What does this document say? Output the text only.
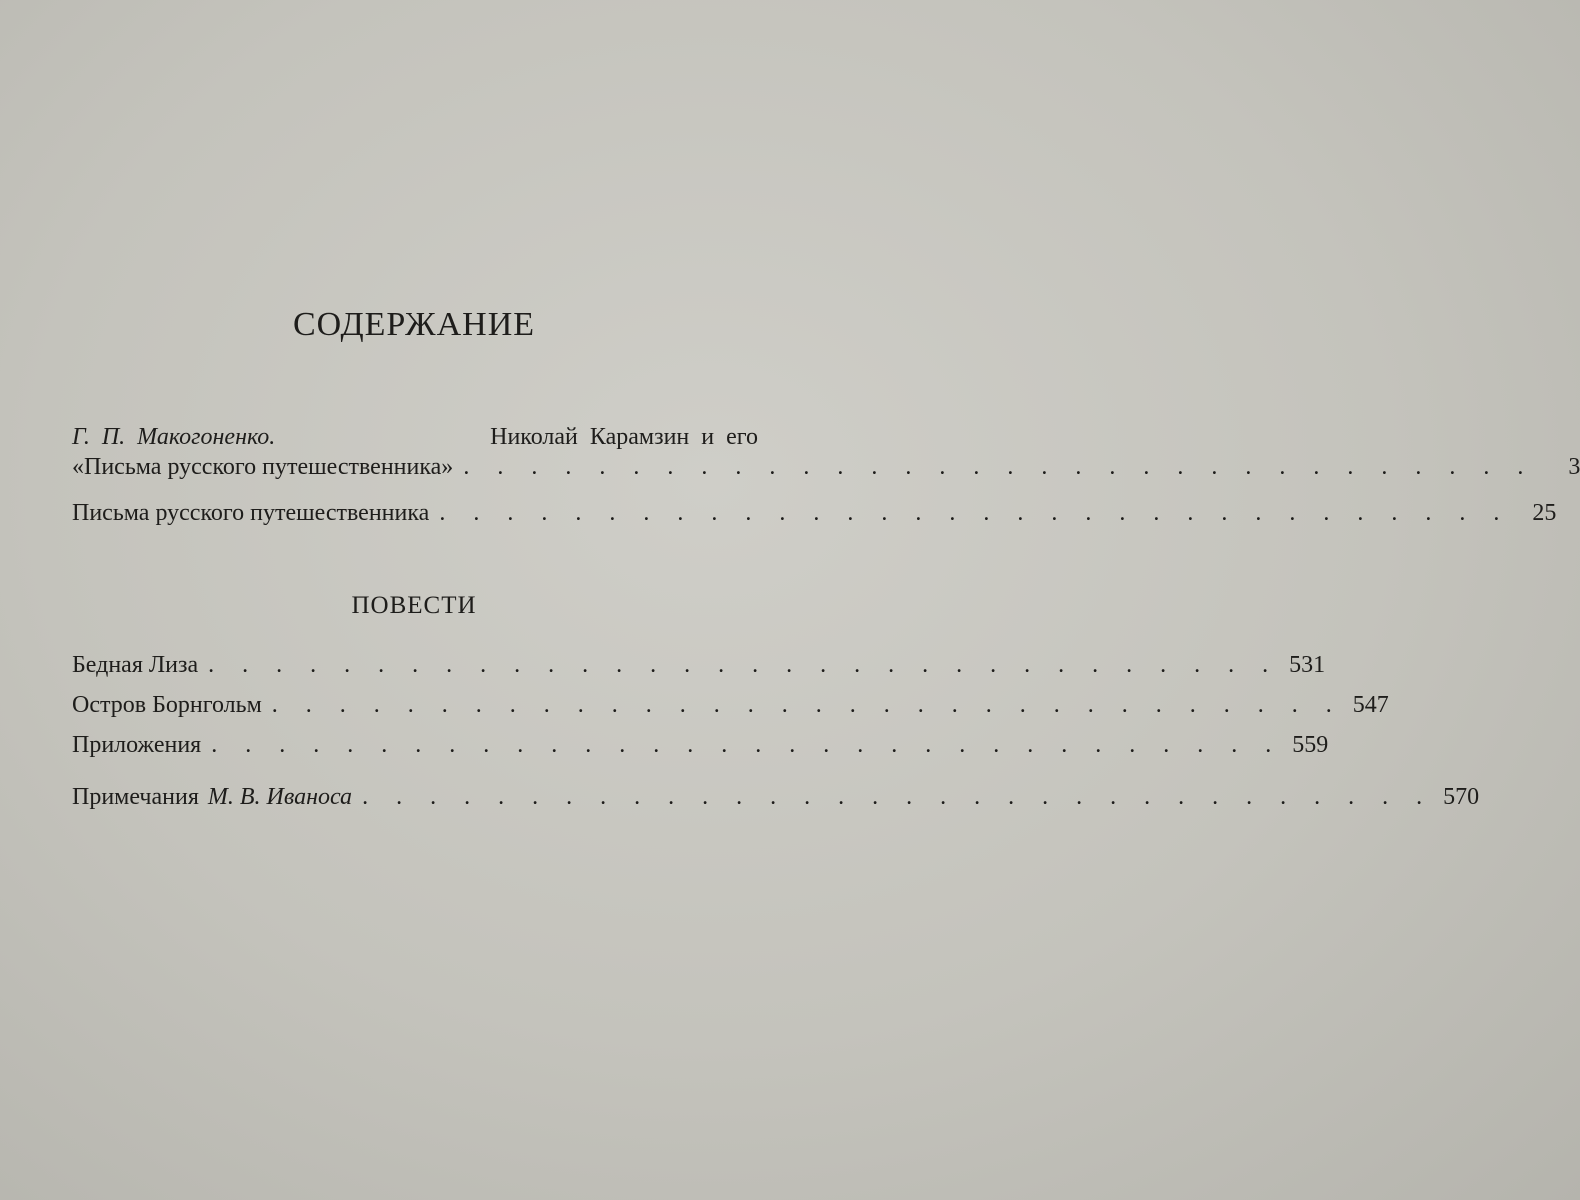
СОДЕРЖАНИЕ
Г. П. Макогоненко.	Николай Карамзин и его
«Письма русского путешественника» . . . . . . . . . . . . . . . . . . . . . . . . . . . . . . . .	3
Письма русского путешественника . . . . . . . . . . . . . . . . . . . . . . . . . . . . . . . . 25
ПОВЕСТИ
Бедная Лиза . . . . . . . . . . . . . . . . . . . . . . . . . . . . . . . . 531
Остров Борнгольм . . . . . . . . . . . . . . . . . . . . . . . . . . . . . . . . 547
Приложения . . . . . . . . . . . . . . . . . . . . . . . . . . . . . . . . 559
Примечания М. В. Иваноса . . . . . . . . . . . . . . . . . . . . . . . . . . . . . . . . 570
